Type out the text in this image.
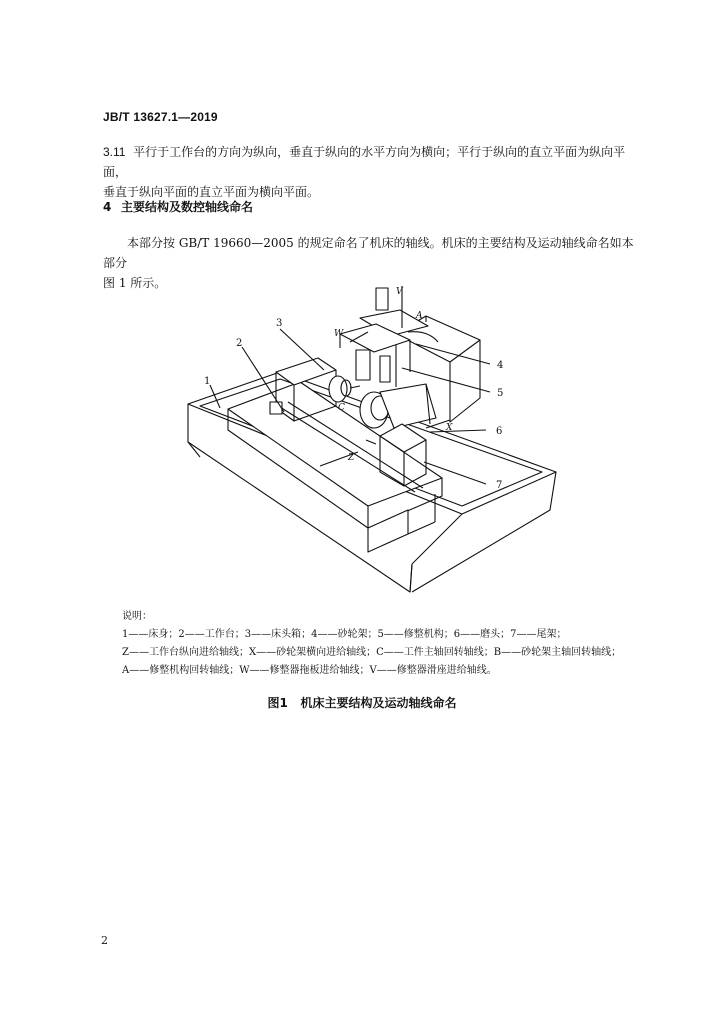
JB/T 13627.1—2019
3.11 平行于工作台的方向为纵向，垂直于纵向的水平方向为横向；平行于纵向的直立平面为纵向平面，
垂直于纵向平面的直立平面为横向平面。
4 主要结构及数控轴线命名
本部分按 GB/T 19660—2005 的规定命名了机床的轴线。机床的主要结构及运动轴线命名如本部分
图 1 所示。
3
2
1
4
5
6
7
V
W
A
C
X
Z
说明：
1——床身；2——工作台；3——床头箱；4——砂轮架；5——修整机构；6——磨头；7——尾架；
Z——工作台纵向进给轴线；X——砂轮架横向进给轴线；C——工件主轴回转轴线；B——砂轮架主轴回转轴线；
A——修整机构回转轴线；W——修整器拖板进给轴线；V——修整器滑座进给轴线。
图1 机床主要结构及运动轴线命名
2
